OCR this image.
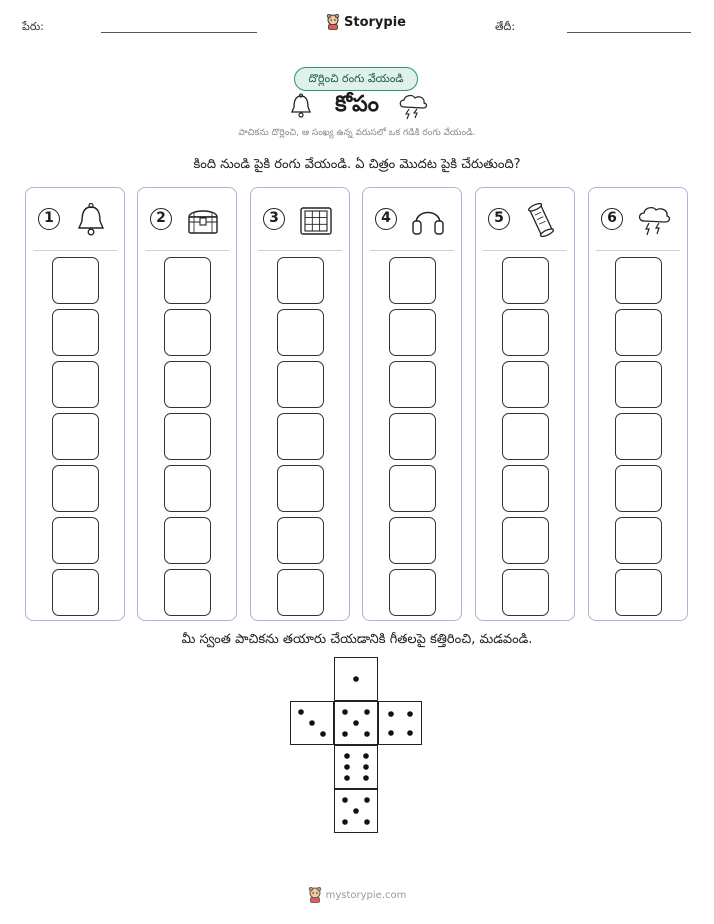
పేరు:	Storypie	తేదీ:
దొర్లించి రంగు వేయండి
కోపం
పాచికను దొర్లించి, ఆ సంఖ్య ఉన్న వరుసలో ఒక గడికి రంగు వేయండి.
కింది నుండి పైకి రంగు వేయండి. ఏ చిత్రం మొదట పైకి చేరుతుంది?
1	2	3	4	5	6
మీ స్వంత పాచికను తయారు చేయడానికి గీతలపై కత్తిరించి, మడవండి.
mystorypie.com
